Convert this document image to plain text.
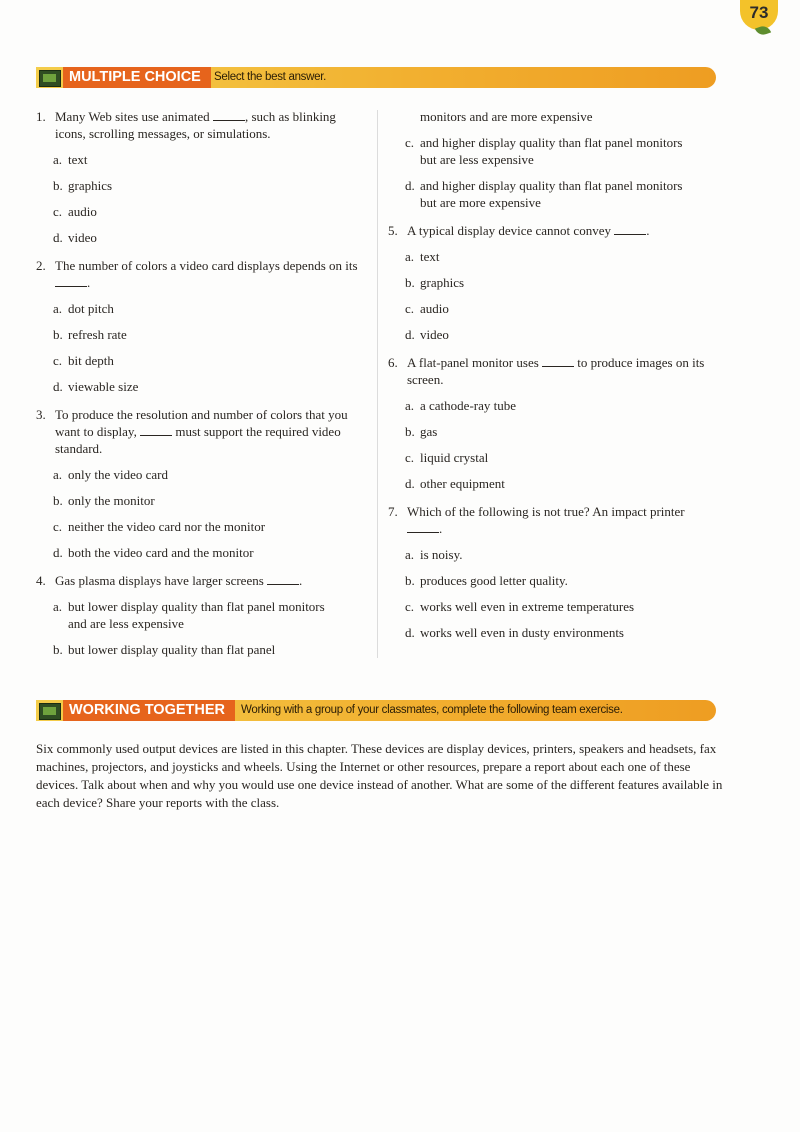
73
MULTIPLE CHOICE	Select the best answer.
1. Many Web sites use animated	, such as blinking icons, scrolling messages, or simulations.
a. text
b. graphics
c. audio
d. video
2. The number of colors a video card displays depends on its .
a. dot pitch
b. refresh rate
c. bit depth
d. viewable size
3. To produce the resolution and number of colors that you want to display,	must support the required video standard.
a. only the video card
b. only the monitor
c. neither the video card nor the monitor
d. both the video card and the monitor
4. Gas plasma displays have larger screens	.
a. but lower display quality than flat panel monitors and are less expensive
b. but lower display quality than flat panel
monitors and are more expensive
c. and higher display quality than flat panel monitors but are less expensive
d. and higher display quality than flat panel monitors but are more expensive
5. A typical display device cannot convey	.
a. text
b. graphics
c. audio
d. video
6. A flat-panel monitor uses	to produce images on its screen.
a. a cathode-ray tube
b. gas
c. liquid crystal
d. other equipment
7. Which of the following is not true? An impact printer .
a. is noisy.
b. produces good letter quality.
c. works well even in extreme temperatures
d. works well even in dusty environments
WORKING TOGETHER	Working with a group of your classmates, complete the following team exercise.
Six commonly used output devices are listed in this chapter. These devices are display devices, printers, speakers and headsets, fax machines, projectors, and joysticks and wheels. Using the Internet or other resources, prepare a report about each one of these devices. Talk about when and why you would use one device instead of another. What are some of the different features available in each device? Share your reports with the class.
